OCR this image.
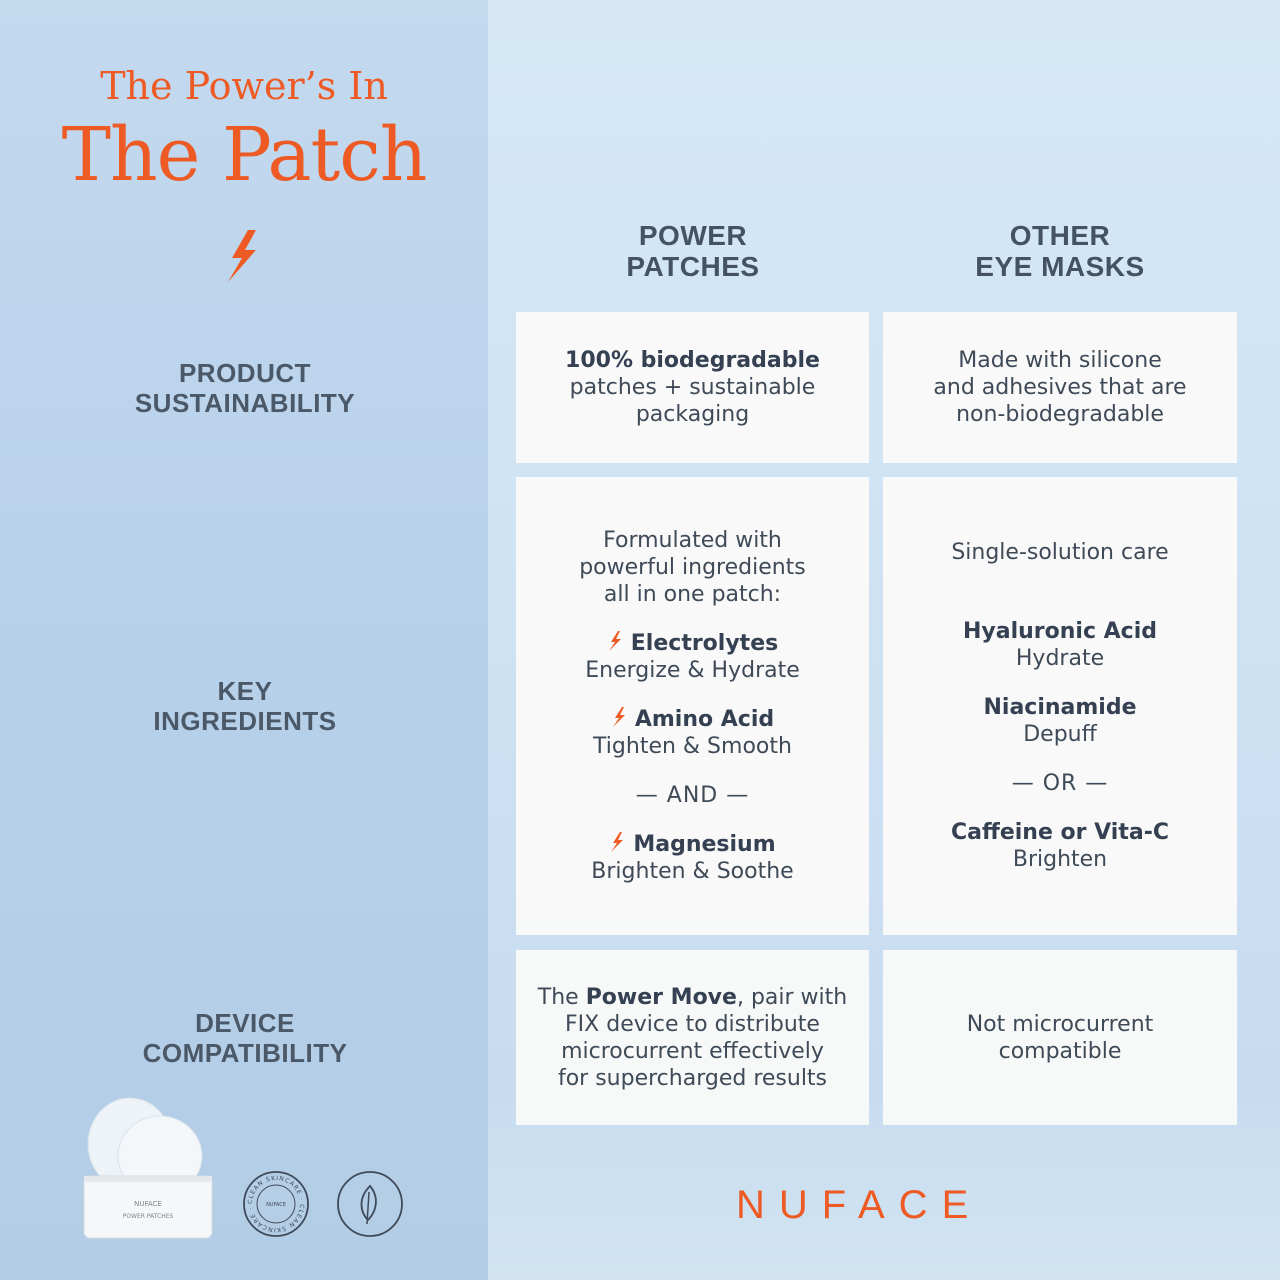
The Power’s In
The Patch
POWER
PATCHES
OTHER
EYE MASKS
PRODUCT
SUSTAINABILITY
KEY
INGREDIENTS
DEVICE
COMPATIBILITY
100% biodegradable
patches + sustainable
packaging
Made with silicone
and adhesives that are
non-biodegradable
Formulated with
powerful ingredients
all in one patch:
Electrolytes
Energize & Hydrate
Amino Acid
Tighten & Smooth
— AND —
Magnesium
Brighten & Soothe
Single-solution care
Hyaluronic Acid
Hydrate
Niacinamide
Depuff
— OR —
Caffeine or Vita-C
Brighten
The Power Move, pair with
FIX device to distribute
microcurrent effectively
for supercharged results
Not microcurrent
compatible
NUFACE
POWER PATCHES
CLEAN SKINCARE · CLEAN SKINCARE ·
NUFACE	NUFACE
